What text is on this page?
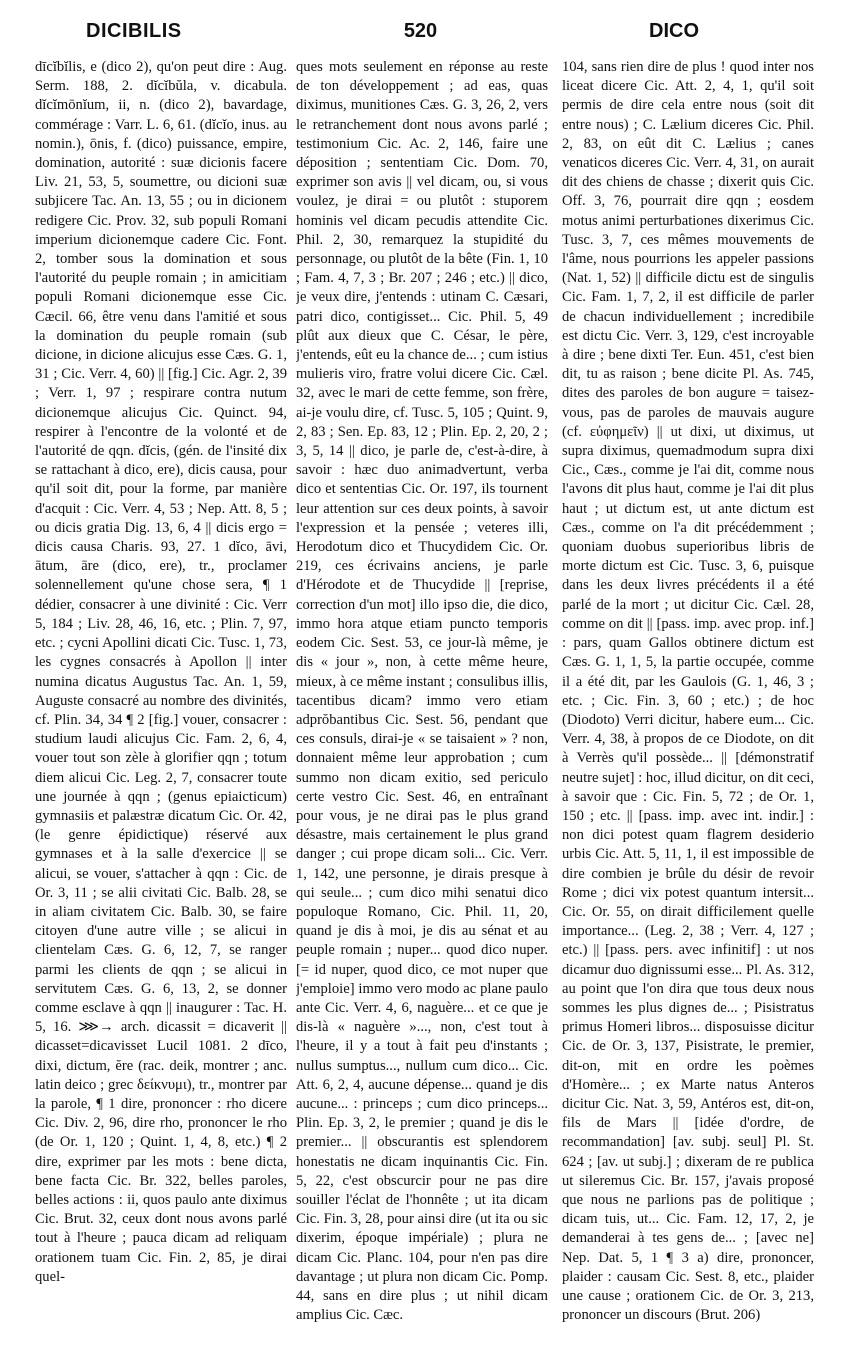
DICIBILIS	520	DICO

dīcĭbĭlis, e (dico 2), qu'on peut dire : Aug. Serm. 188, 2. dĭcĭbŭla, v. dicabula. dĭcĭmōnĭum, ii, n. (dico 2), bavardage, commérage : Varr. L. 6, 61. (dĭcĭo, inus. au nomin.), ōnis, f. (dico) puissance, empire, domination, autorité : suæ dicionis facere Liv. 21, 53, 5, soumettre, ou dicioni suæ subjicere Tac. An. 13, 55 ; ou in dicionem redigere Cic. Prov. 32, sub populi Romani imperium dicionemque cadere Cic. Font. 2, tomber sous la domination et sous l'autorité du peuple romain ; in amicitiam populi Romani dicionemque esse Cic. Cæcil. 66, être venu dans l'amitié et sous la domination du peuple romain (sub dicione, in dicione alicujus esse Cæs. G. 1, 31 ; Cic. Verr. 4, 60) || [fig.] Cic. Agr. 2, 39 ; Verr. 1, 97 ; respirare contra nutum dicionemque alicujus Cic. Quinct. 94, respirer à l'encontre de la volonté et de l'autorité de qqn. dĭcis, (gén. de l'insité dix se rattachant à dico, ere), dicis causa, pour qu'il soit dit, pour la forme, par manière d'acquit : Cic. Verr. 4, 53 ; Nep. Att. 8, 5 ; ou dicis gratia Dig. 13, 6, 4 || dicis ergo = dicis causa Charis. 93, 27. 1 dĭco, āvi, ātum, āre (dico, ere), tr., proclamer solennellement qu'une chose sera, ¶ 1 dédier, consacrer à une divinité : Cic. Verr 5, 184 ; Liv. 28, 46, 16, etc. ; Plin. 7, 97, etc. ; cycni Apollini dicati Cic. Tusc. 1, 73, les cygnes consacrés à Apollon || inter numina dicatus Augustus Tac. An. 1, 59, Auguste consacré au nombre des divinités, cf. Plin. 34, 34 ¶ 2 [fig.] vouer, consacrer : studium laudi alicujus Cic. Fam. 2, 6, 4, vouer tout son zèle à glorifier qqn ; totum diem alicui Cic. Leg. 2, 7, consacrer toute une journée à qqn ; (genus epiaicticum) gymnasiis et palæstræ dicatum Cic. Or. 42, (le genre épidictique) réservé aux gymnases et à la salle d'exercice || se alicui, se vouer, s'attacher à qqn : Cic. de Or. 3, 11 ; se alii civitati Cic. Balb. 28, se in aliam civitatem Cic. Balb. 30, se faire citoyen d'une autre ville ; se alicui in clientelam Cæs. G. 6, 12, 7, se ranger parmi les clients de qqn ; se alicui in servitutem Cæs. G. 6, 13, 2, se donner comme esclave à qqn || inaugurer : Tac. H. 5, 16. ⋙→ arch. dicassit = dicaverit || dicasset=dicavisset Lucil 1081. 2 dīco, dixi, dictum, ĕre (rac. deik, montrer ; anc. latin deico ; grec δείκνυμι), tr., montrer par la parole, ¶ 1 dire, prononcer : rho dicere Cic. Div. 2, 96, dire rho, prononcer le rho (de Or. 1, 120 ; Quint. 1, 4, 8, etc.) ¶ 2 dire, exprimer par les mots : bene dicta, bene facta Cic. Br. 322, belles paroles, belles actions : ii, quos paulo ante diximus Cic. Brut. 32, ceux dont nous avons parlé tout à l'heure ; pauca dicam ad reliquam orationem tuam Cic. Fin. 2, 85, je dirai quel-

ques mots seulement en réponse au reste de ton développement ; ad eas, quas diximus, munitiones Cæs. G. 3, 26, 2, vers le retranchement dont nous avons parlé ; testimonium Cic. Ac. 2, 146, faire une déposition ; sententiam Cic. Dom. 70, exprimer son avis || vel dicam, ou, si vous voulez, je dirai = ou plutôt : stuporem hominis vel dicam pecudis attendite Cic. Phil. 2, 30, remarquez la stupidité du personnage, ou plutôt de la bête (Fin. 1, 10 ; Fam. 4, 7, 3 ; Br. 207 ; 246 ; etc.) || dico, je veux dire, j'entends : utinam C. Cæsari, patri dico, contigisset... Cic. Phil. 5, 49 plût aux dieux que C. César, le père, j'entends, eût eu la chance de... ; cum istius mulieris viro, fratre volui dicere Cic. Cæl. 32, avec le mari de cette femme, son frère, ai-je voulu dire, cf. Tusc. 5, 105 ; Quint. 9, 2, 83 ; Sen. Ep. 83, 12 ; Plin. Ep. 2, 20, 2 ; 3, 5, 14 || dico, je parle de, c'est-à-dire, à savoir : hæc duo animadvertunt, verba dico et sententias Cic. Or. 197, ils tournent leur attention sur ces deux points, à savoir l'expression et la pensée ; veteres illi, Herodotum dico et Thucydidem Cic. Or. 219, ces écrivains anciens, je parle d'Hérodote et de Thucydide || [reprise, correction d'un mot] illo ipso die, die dico, immo hora atque etiam puncto temporis eodem Cic. Sest. 53, ce jour-là même, je dis « jour », non, à cette même heure, mieux, à ce même instant ; consulibus illis, tacentibus dicam? immo vero etiam adprŏbantibus Cic. Sest. 56, pendant que ces consuls, dirai-je « se taisaient » ? non, donnaient même leur approbation ; cum summo non dicam exitio, sed periculo certe vestro Cic. Sest. 46, en entraînant pour vous, je ne dirai pas le plus grand désastre, mais certainement le plus grand danger ; cui prope dicam soli... Cic. Verr. 1, 142, une personne, je dirais presque à qui seule... ; cum dico mihi senatui dico populoque Romano, Cic. Phil. 11, 20, quand je dis à moi, je dis au sénat et au peuple romain ; nuper... quod dico nuper. [= id nuper, quod dico, ce mot nuper que j'emploie] immo vero modo ac plane paulo ante Cic. Verr. 4, 6, naguère... et ce que je dis-là « naguère »..., non, c'est tout à l'heure, il y a tout à fait peu d'instants ; nullus sumptus..., nullum cum dico... Cic. Att. 6, 2, 4, aucune dépense... quand je dis aucune... : princeps ; cum dico princeps... Plin. Ep. 3, 2, le premier ; quand je dis le premier... || obscurantis est splendorem honestatis ne dicam inquinantis Cic. Fin. 5, 22, c'est obscurcir pour ne pas dire souiller l'éclat de l'honnête ; ut ita dicam Cic. Fin. 3, 28, pour ainsi dire (ut ita ou sic dixerim, époque impériale) ; plura ne dicam Cic. Planc. 104, pour n'en pas dire davantage ; ut plura non dicam Cic. Pomp. 44, sans en dire plus ; ut nihil dicam amplius Cic. Cæc.

104, sans rien dire de plus ! quod inter nos liceat dicere Cic. Att. 2, 4, 1, qu'il soit permis de dire cela entre nous (soit dit entre nous) ; C. Lælium diceres Cic. Phil. 2, 83, on eût dit C. Lælius ; canes venaticos diceres Cic. Verr. 4, 31, on aurait dit des chiens de chasse ; dixerit quis Cic. Off. 3, 76, pourrait dire qqn ; eosdem motus animi perturbationes dixerimus Cic. Tusc. 3, 7, ces mêmes mouvements de l'âme, nous pourrions les appeler passions (Nat. 1, 52) || difficile dictu est de singulis Cic. Fam. 1, 7, 2, il est difficile de parler de chacun individuellement ; incredibile est dictu Cic. Verr. 3, 129, c'est incroyable à dire ; bene dixti Ter. Eun. 451, c'est bien dit, tu as raison ; bene dicite Pl. As. 745, dites des paroles de bon augure = taisez-vous, pas de paroles de mauvais augure (cf. εὐφημεῖν) || ut dixi, ut diximus, ut supra diximus, quemadmodum supra dixi Cic., Cæs., comme je l'ai dit, comme nous l'avons dit plus haut, comme je l'ai dit plus haut ; ut dictum est, ut ante dictum est Cæs., comme on l'a dit précédemment ; quoniam duobus superioribus libris de morte dictum est Cic. Tusc. 3, 6, puisque dans les deux livres précédents il a été parlé de la mort ; ut dicitur Cic. Cæl. 28, comme on dit || [pass. imp. avec prop. inf.] : pars, quam Gallos obtinere dictum est Cæs. G. 1, 1, 5, la partie occupée, comme il a été dit, par les Gaulois (G. 1, 46, 3 ; etc. ; Cic. Fin. 3, 60 ; etc.) ; de hoc (Diodoto) Verri dicitur, habere eum... Cic. Verr. 4, 38, à propos de ce Diodote, on dit à Verrès qu'il possède... || [démonstratif neutre sujet] : hoc, illud dicitur, on dit ceci, à savoir que : Cic. Fin. 5, 72 ; de Or. 1, 150 ; etc. || [pass. imp. avec int. indir.] : non dici potest quam flagrem desiderio urbis Cic. Att. 5, 11, 1, il est impossible de dire combien je brûle du désir de revoir Rome ; dici vix potest quantum intersit... Cic. Or. 55, on dirait difficilement quelle importance... (Leg. 2, 38 ; Verr. 4, 127 ; etc.) || [pass. pers. avec infinitif] : ut nos dicamur duo dignissumi esse... Pl. As. 312, au point que l'on dira que tous deux nous sommes les plus dignes de... ; Pisistratus primus Homeri libros... disposuisse dicitur Cic. de Or. 3, 137, Pisistrate, le premier, dit-on, mit en ordre les poèmes d'Homère... ; ex Marte natus Anteros dicitur Cic. Nat. 3, 59, Antéros est, dit-on, fils de Mars || [idée d'ordre, de recommandation] [av. subj. seul] Pl. St. 624 ; [av. ut subj.] ; dixeram de re publica ut sileremus Cic. Br. 157, j'avais proposé que nous ne parlions pas de politique ; dicam tuis, ut... Cic. Fam. 12, 17, 2, je demanderai à tes gens de... ; [avec ne] Nep. Dat. 5, 1 ¶ 3 a) dire, prononcer, plaider : causam Cic. Sest. 8, etc., plaider une cause ; orationem Cic. de Or. 3, 213, prononcer un discours (Brut. 206)
